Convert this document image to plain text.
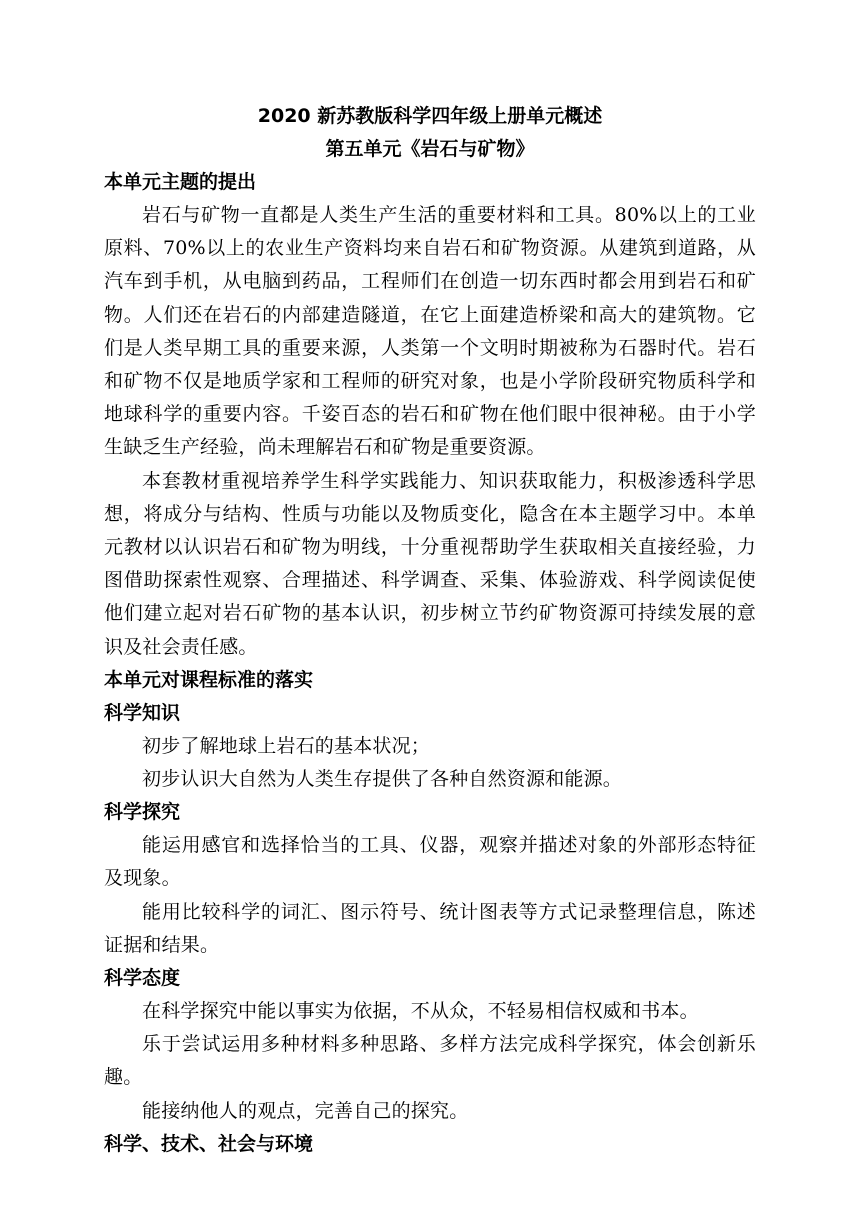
2020 新苏教版科学四年级上册单元概述
第五单元《岩石与矿物》

本单元主题的提出

岩石与矿物一直都是人类生产生活的重要材料和工具。80%以上的工业原料、70%以上的农业生产资料均来自岩石和矿物资源。从建筑到道路，从汽车到手机，从电脑到药品，工程师们在创造一切东西时都会用到岩石和矿物。人们还在岩石的内部建造隧道，在它上面建造桥梁和高大的建筑物。它们是人类早期工具的重要来源，人类第一个文明时期被称为石器时代。岩石和矿物不仅是地质学家和工程师的研究对象，也是小学阶段研究物质科学和地球科学的重要内容。千姿百态的岩石和矿物在他们眼中很神秘。由于小学生缺乏生产经验，尚未理解岩石和矿物是重要资源。

本套教材重视培养学生科学实践能力、知识获取能力，积极渗透科学思想，将成分与结构、性质与功能以及物质变化，隐含在本主题学习中。本单元教材以认识岩石和矿物为明线，十分重视帮助学生获取相关直接经验，力图借助探索性观察、合理描述、科学调查、采集、体验游戏、科学阅读促使他们建立起对岩石矿物的基本认识，初步树立节约矿物资源可持续发展的意识及社会责任感。

本单元对课程标准的落实

科学知识

初步了解地球上岩石的基本状况；

初步认识大自然为人类生存提供了各种自然资源和能源。

科学探究

能运用感官和选择恰当的工具、仪器，观察并描述对象的外部形态特征及现象。

能用比较科学的词汇、图示符号、统计图表等方式记录整理信息，陈述证据和结果。

科学态度

在科学探究中能以事实为依据，不从众，不轻易相信权威和书本。

乐于尝试运用多种材料多种思路、多样方法完成科学探究，体会创新乐趣。

能接纳他人的观点，完善自己的探究。

科学、技术、社会与环境
